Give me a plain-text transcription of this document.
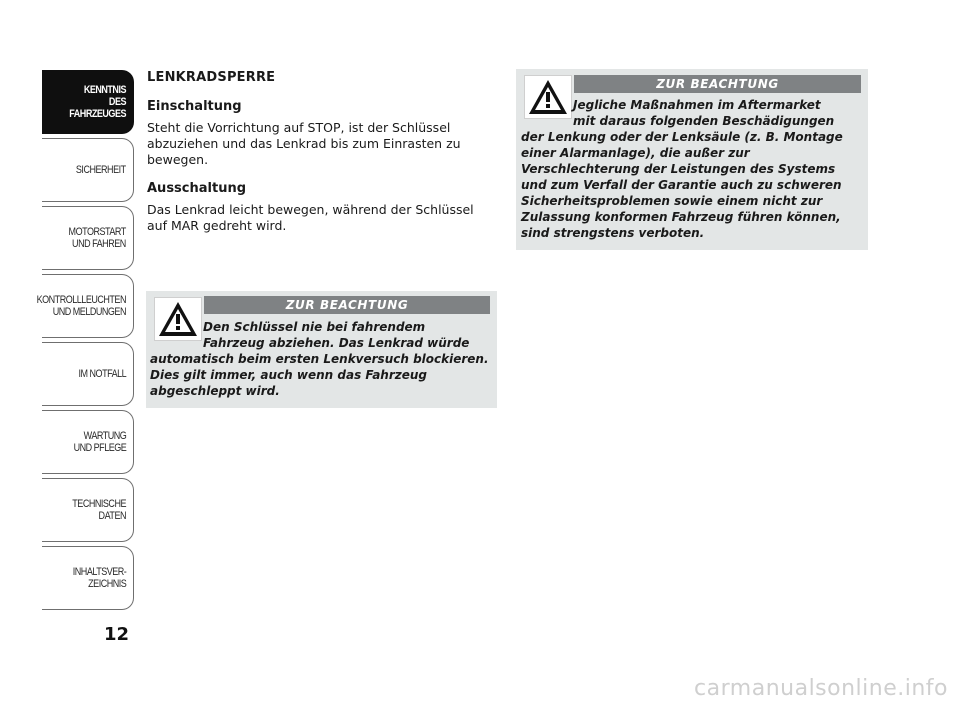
KENNTNIS
DES FAHRZEUGES
SICHERHEIT
MOTORSTART
UND FAHREN
KONTROLLLEUCHTEN
UND MELDUNGEN
IM NOTFALL
WARTUNG
UND PFLEGE
TECHNISCHE DATEN
INHALTSVER-
ZEICHNIS
12
LENKRADSPERRE
Einschaltung

Steht die Vorrichtung auf STOP, ist der Schlüssel abzuziehen und das Lenkrad bis zum Einrasten zu bewegen.

Ausschaltung

Das Lenkrad leicht bewegen, während der Schlüssel auf MAR gedreht wird.

ZUR BEACHTUNG
Den Schlüssel nie bei fahrendem Fahrzeug abziehen. Das Lenkrad würde
automatisch beim ersten Lenkversuch blockieren. Dies gilt immer, auch wenn das Fahrzeug abgeschleppt wird.
ZUR BEACHTUNG
Jegliche Maßnahmen im Aftermarket mit daraus folgenden Beschädigungen
der Lenkung oder der Lenksäule (z. B. Montage einer Alarmanlage), die außer zur Verschlechterung der Leistungen des Systems und zum Verfall der Garantie auch zu schweren Sicherheitsproblemen sowie einem nicht zur Zulassung konformen Fahrzeug führen können, sind strengstens verboten.
carmanualsonline.info
